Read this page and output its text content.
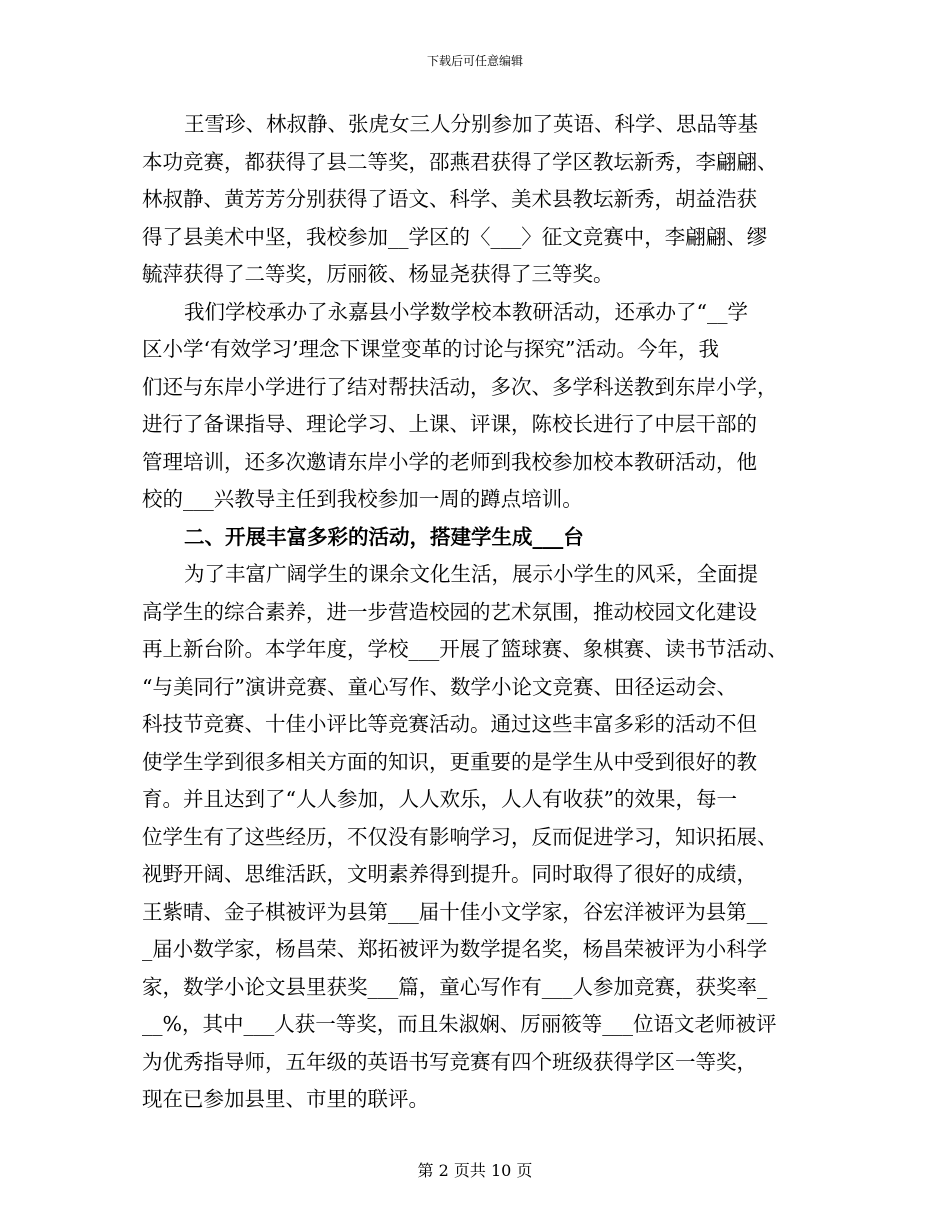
下载后可任意编辑
王雪珍、林叔静、张虎女三人分别参加了英语、科学、思品等基
本功竞赛，都获得了县二等奖，邵燕君获得了学区教坛新秀，李翩翩、
林叔静、黄芳芳分别获得了语文、科学、美术县教坛新秀，胡益浩获
得了县美术中坚，我校参加__学区的〈___〉征文竞赛中，李翩翩、缪
毓萍获得了二等奖，厉丽筱、杨显尧获得了三等奖。
我们学校承办了永嘉县小学数学校本教研活动，还承办了“__学
区小学‘有效学习’理念下课堂变革的讨论与探究”活动。今年，我
们还与东岸小学进行了结对帮扶活动，多次、多学科送教到东岸小学，
进行了备课指导、理论学习、上课、评课，陈校长进行了中层干部的
管理培训，还多次邀请东岸小学的老师到我校参加校本教研活动，他
校的___兴教导主任到我校参加一周的蹲点培训。
二、开展丰富多彩的活动，搭建学生成___台
为了丰富广阔学生的课余文化生活，展示小学生的风采，全面提
高学生的综合素养，进一步营造校园的艺术氛围，推动校园文化建设
再上新台阶。本学年度，学校___开展了篮球赛、象棋赛、读书节活动、
“与美同行”演讲竞赛、童心写作、数学小论文竞赛、田径运动会、
科技节竞赛、十佳小评比等竞赛活动。通过这些丰富多彩的活动不但
使学生学到很多相关方面的知识，更重要的是学生从中受到很好的教
育。并且达到了“人人参加，人人欢乐，人人有收获”的效果，每一
位学生有了这些经历，不仅没有影响学习，反而促进学习，知识拓展、
视野开阔、思维活跃，文明素养得到提升。同时取得了很好的成绩，
王紫晴、金子棋被评为县第___届十佳小文学家，谷宏洋被评为县第__
_届小数学家，杨昌荣、郑拓被评为数学提名奖，杨昌荣被评为小科学
家，数学小论文县里获奖___篇，童心写作有___人参加竞赛，获奖率_
__%，其中___人获一等奖，而且朱淑娴、厉丽筱等___位语文老师被评
为优秀指导师，五年级的英语书写竞赛有四个班级获得学区一等奖，
现在已参加县里、市里的联评。
第 2 页共 10 页
